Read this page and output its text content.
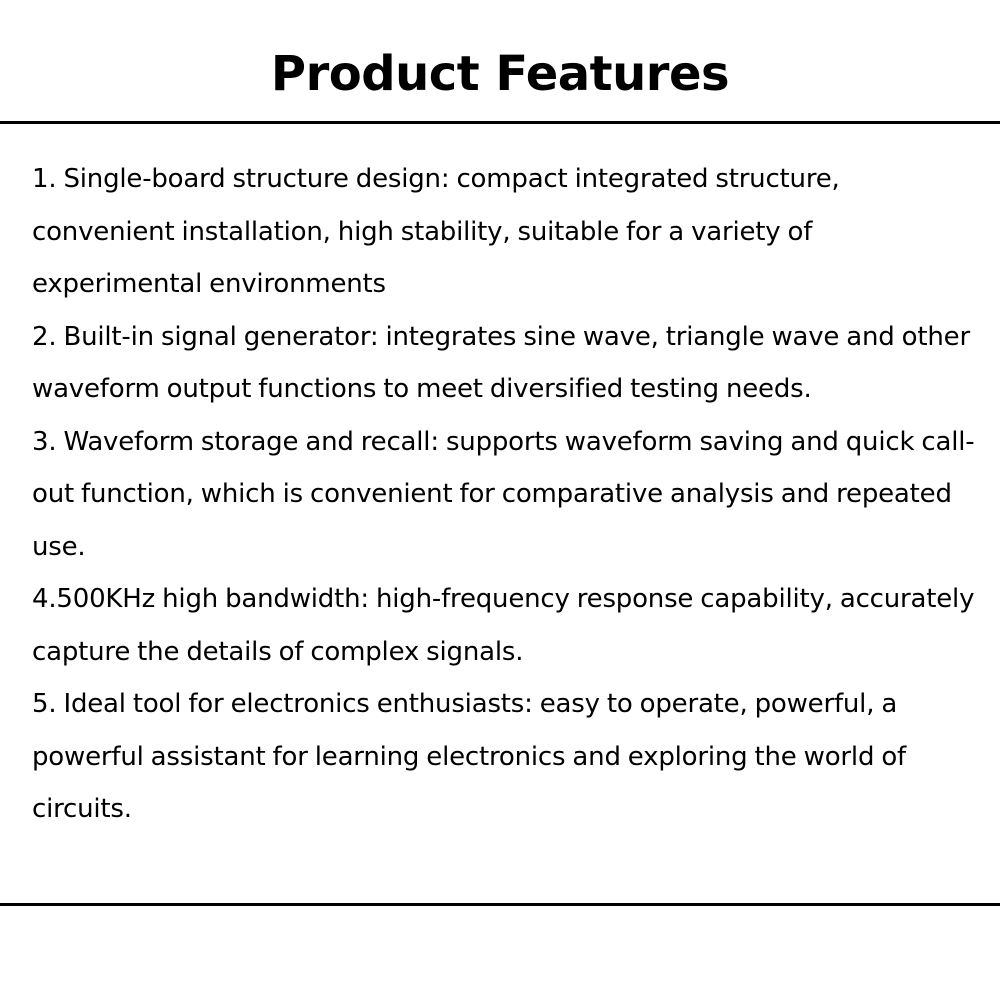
Product Features
1. Single-board structure design: compact integrated structure, convenient installation, high stability, suitable for a variety of experimental environments
2. Built-in signal generator: integrates sine wave, triangle wave and other waveform output functions to meet diversified testing needs.
3. Waveform storage and recall: supports waveform saving and quick call-out function, which is convenient for comparative analysis and repeated use.
4.500KHz high bandwidth: high-frequency response capability, accurately capture the details of complex signals.
5. Ideal tool for electronics enthusiasts: easy to operate, powerful, a powerful assistant for learning electronics and exploring the world of circuits.
